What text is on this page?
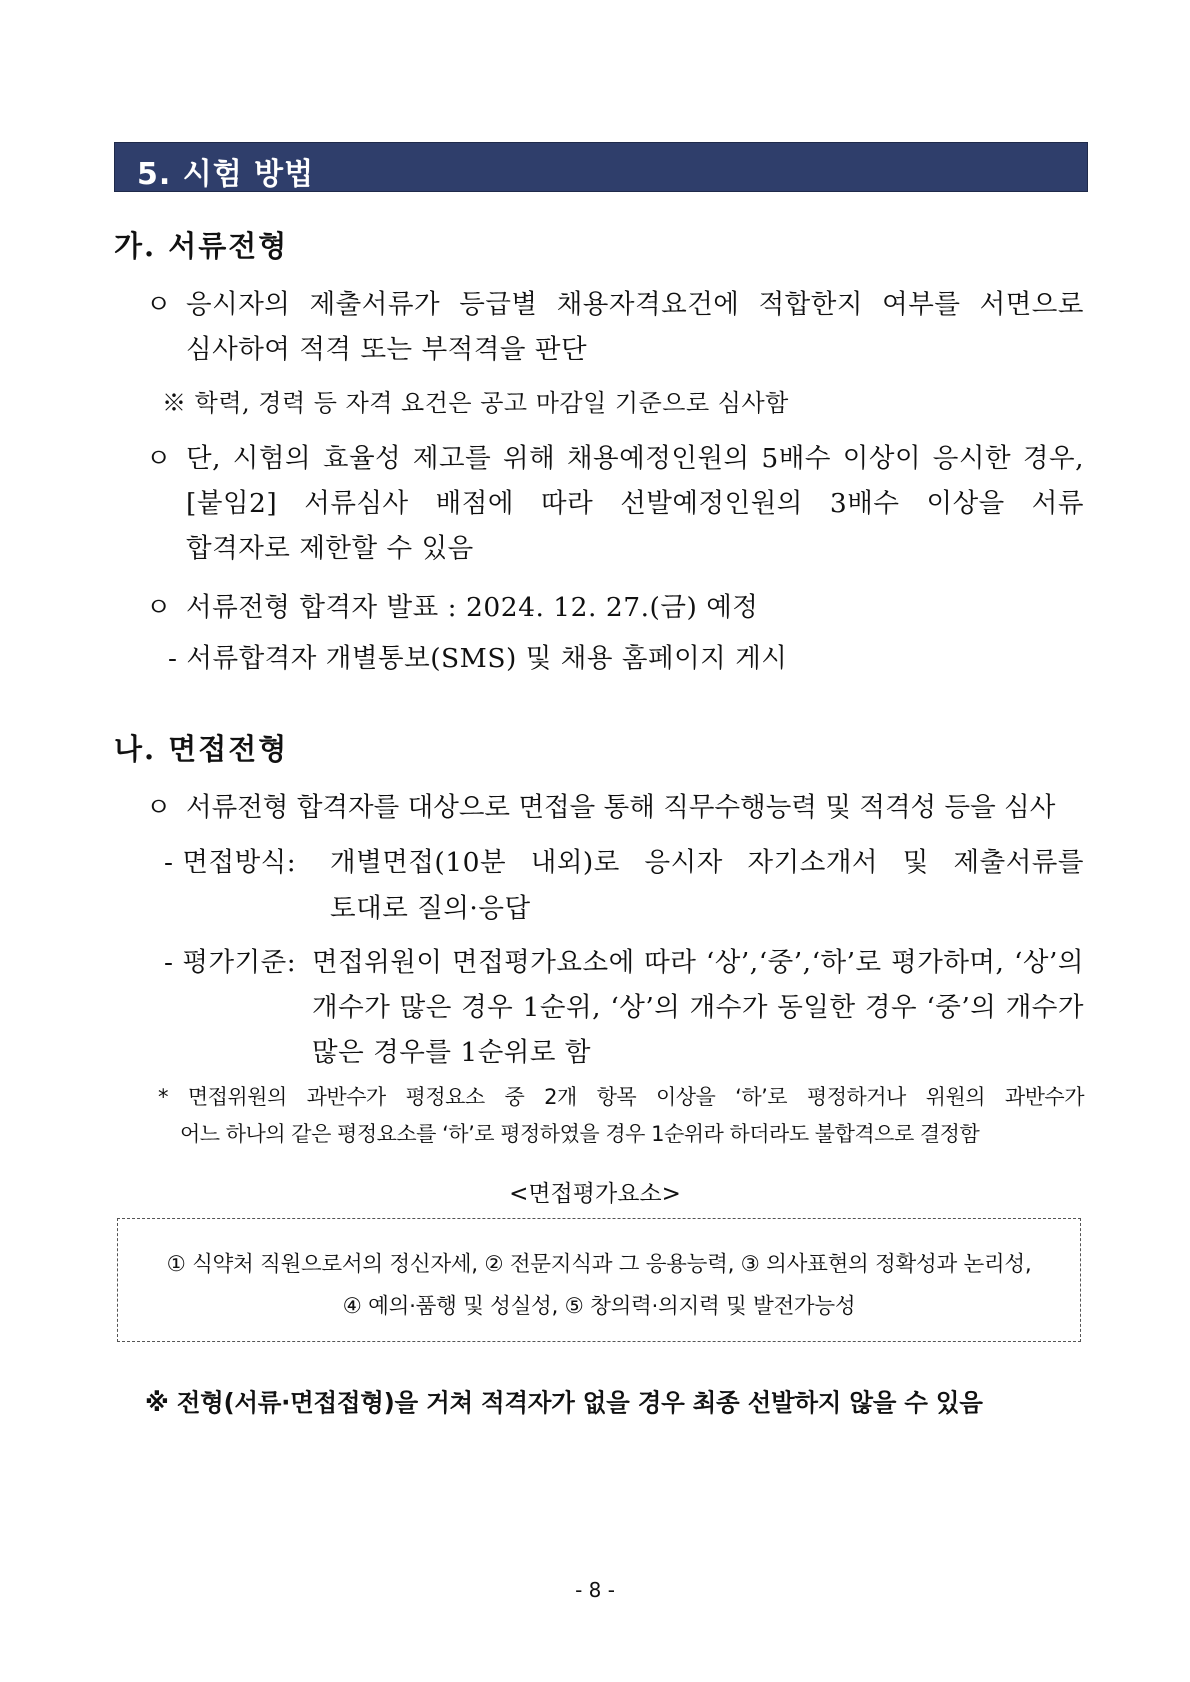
5. 시험 방법
가. 서류전형
ㅇ 응시자의 제출서류가 등급별 채용자격요건에 적합한지 여부를 서면으로
심사하여 적격 또는 부적격을 판단
※ 학력, 경력 등 자격 요건은 공고 마감일 기준으로 심사함
ㅇ 단, 시험의 효율성 제고를 위해 채용예정인원의 5배수 이상이 응시한 경우,
[붙임2] 서류심사 배점에 따라 선발예정인원의 3배수 이상을 서류
합격자로 제한할 수 있음
ㅇ 서류전형 합격자 발표 : 2024. 12. 27.(금) 예정
- 서류합격자 개별통보(SMS) 및 채용 홈페이지 게시
나. 면접전형
ㅇ 서류전형 합격자를 대상으로 면접을 통해 직무수행능력 및 적격성 등을 심사
- 면접방식: 개별면접(10분 내외)로 응시자 자기소개서 및 제출서류를
토대로 질의·응답
- 평가기준: 면접위원이 면접평가요소에 따라 ‘상’,‘중’,‘하’로 평가하며, ‘상’의
개수가 많은 경우 1순위, ‘상’의 개수가 동일한 경우 ‘중’의 개수가
많은 경우를 1순위로 함
* 면접위원의 과반수가 평정요소 중 2개 항목 이상을 ‘하’로 평정하거나 위원의 과반수가
어느 하나의 같은 평정요소를 ‘하’로 평정하였을 경우 1순위라 하더라도 불합격으로 결정함
<면접평가요소>
① 식약처 직원으로서의 정신자세, ② 전문지식과 그 응용능력, ③ 의사표현의 정확성과 논리성,
④ 예의·품행 및 성실성, ⑤ 창의력·의지력 및 발전가능성
※ 전형(서류·면접접형)을 거쳐 적격자가 없을 경우 최종 선발하지 않을 수 있음
- 8 -
